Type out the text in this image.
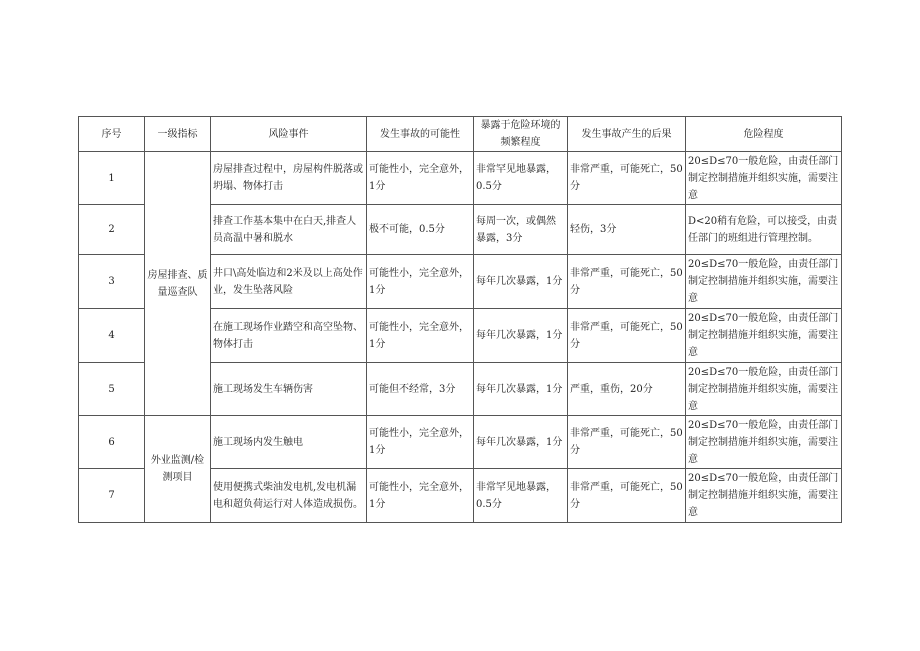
序号	一级指标	风险事件	发生事故的可能性	暴露于危险环境的频繁程度	发生事故产生的后果	危险程度
1	房屋排查、质量巡查队	房屋排查过程中，房屋构件脱落或坍塌、物体打击	可能性小，完全意外，1分	非常罕见地暴露，0.5分	非常严重，可能死亡，50分	20≤D≤70一般危险，由责任部门制定控制措施并组织实施，需要注意
2		排查工作基本集中在白天,排查人员高温中暑和脱水	极不可能，0.5分	每周一次，或偶然暴露，3分	轻伤，3分	D<20稍有危险，可以接受，由责任部门的班组进行管理控制。
3		井口\高处临边和2米及以上高处作业，发生坠落风险	可能性小，完全意外，1分	每年几次暴露，1分	非常严重，可能死亡，50分	20≤D≤70一般危险，由责任部门制定控制措施并组织实施，需要注意
4		在施工现场作业踏空和高空坠物、物体打击	可能性小，完全意外，1分	每年几次暴露，1分	非常严重，可能死亡，50分	20≤D≤70一般危险，由责任部门制定控制措施并组织实施，需要注意
5		施工现场发生车辆伤害	可能但不经常，3分	每年几次暴露，1分	严重，重伤，20分	20≤D≤70一般危险，由责任部门制定控制措施并组织实施，需要注意
6	外业监测/检测项目	施工现场内发生触电	可能性小，完全意外，1分	每年几次暴露，1分	非常严重，可能死亡，50分	20≤D≤70一般危险，由责任部门制定控制措施并组织实施，需要注意
7		使用便携式柴油发电机,发电机漏电和超负荷运行对人体造成损伤。	可能性小，完全意外，1分	非常罕见地暴露，0.5分	非常严重，可能死亡，50分	20≤D≤70一般危险，由责任部门制定控制措施并组织实施，需要注意
